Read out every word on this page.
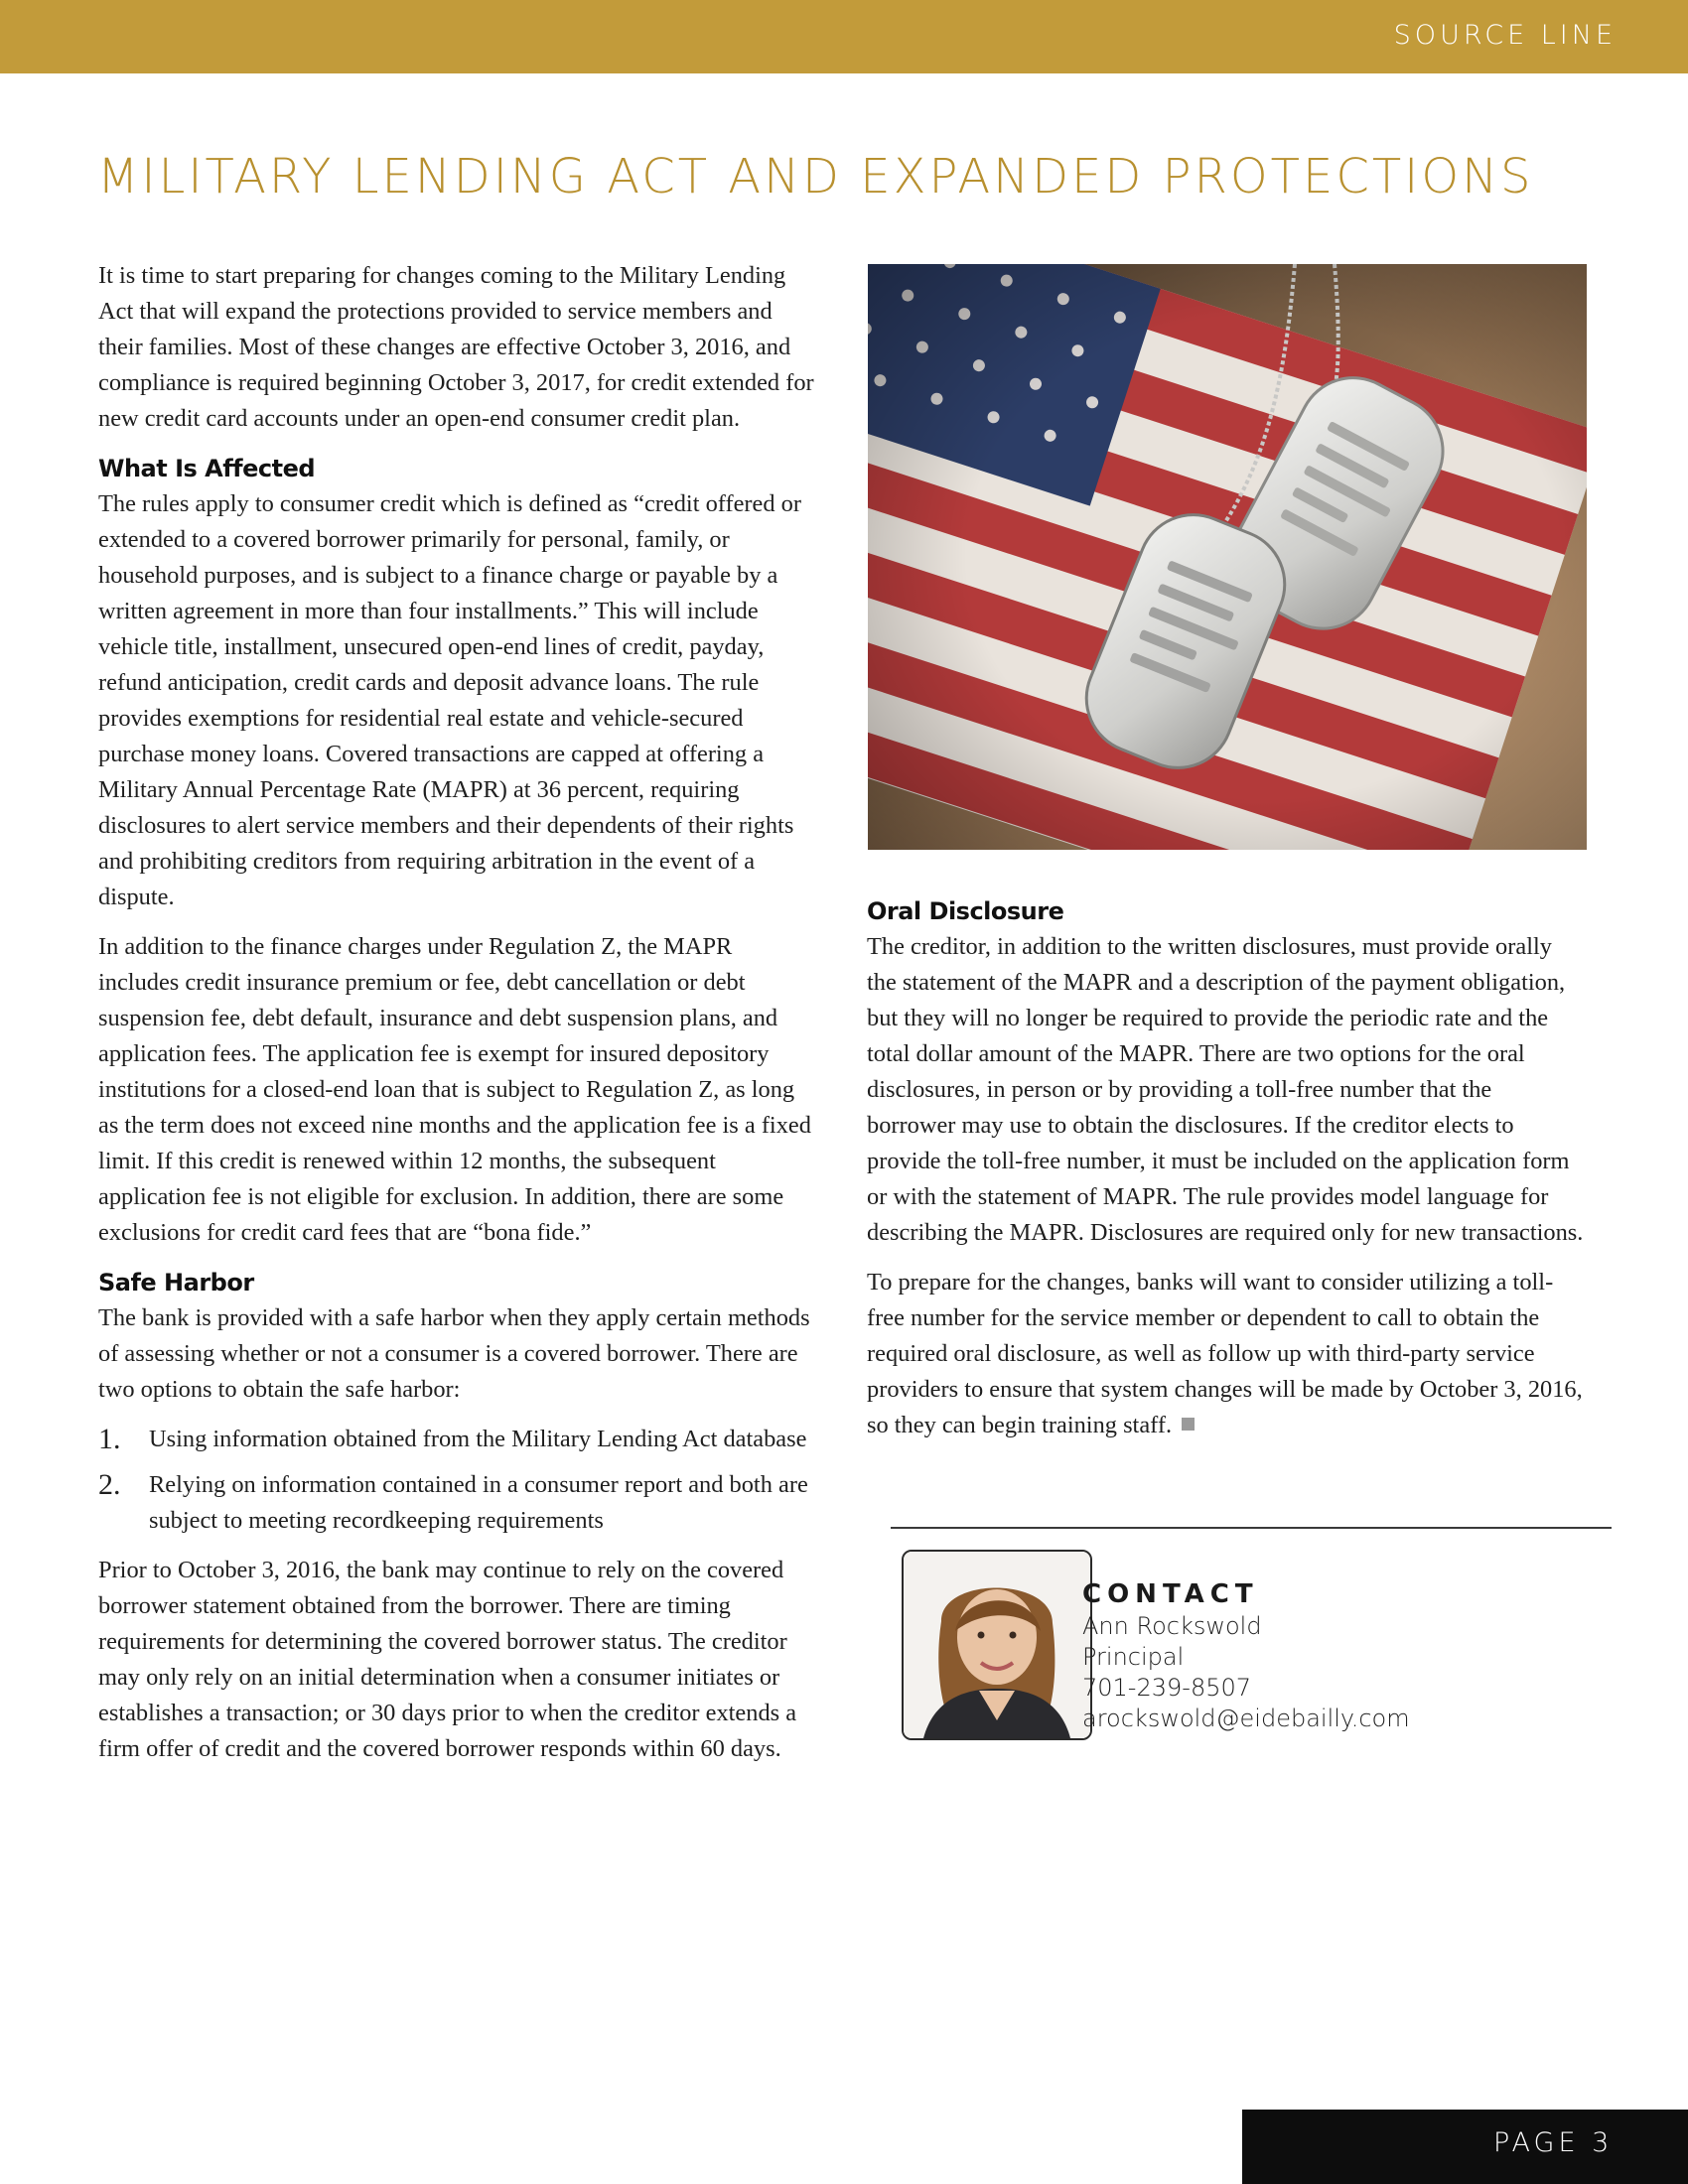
SOURCE LINE
MILITARY LENDING ACT AND EXPANDED PROTECTIONS

It is time to start preparing for changes coming to the Military Lending Act that will expand the protections provided to service members and their families. Most of these changes are effective October 3, 2016, and compliance is required beginning October 3, 2017, for credit extended for new credit card accounts under an open-end consumer credit plan.

What Is Affected

The rules apply to consumer credit which is defined as “credit offered or extended to a covered borrower primarily for personal, family, or household purposes, and is subject to a finance charge or payable by a written agreement in more than four installments.” This will include vehicle title, installment, unsecured open-end lines of credit, payday, refund anticipation, credit cards and deposit advance loans. The rule provides exemptions for residential real estate and vehicle-secured purchase money loans. Covered transactions are capped at offering a Military Annual Percentage Rate (MAPR) at 36 percent, requiring disclosures to alert service members and their dependents of their rights and prohibiting creditors from requiring arbitration in the event of a dispute.

In addition to the finance charges under Regulation Z, the MAPR includes credit insurance premium or fee, debt cancellation or debt suspension fee, debt default, insurance and debt suspension plans, and application fees. The application fee is exempt for insured depository institutions for a closed-end loan that is subject to Regulation Z, as long as the term does not exceed nine months and the application fee is a fixed limit. If this credit is renewed within 12 months, the subsequent application fee is not eligible for exclusion. In addition, there are some exclusions for credit card fees that are “bona fide.”

Safe Harbor

The bank is provided with a safe harbor when they apply certain methods of assessing whether or not a consumer is a covered borrower. There are two options to obtain the safe harbor:

1. Using information obtained from the Military Lending Act database
2. Relying on information contained in a consumer report and both are subject to meeting recordkeeping requirements

Prior to October 3, 2016, the bank may continue to rely on the covered borrower statement obtained from the borrower. There are timing requirements for determining the covered borrower status. The creditor may only rely on an initial determination when a consumer initiates or establishes a transaction; or 30 days prior to when the creditor extends a firm offer of credit and the covered borrower responds within 60 days.

Oral Disclosure

The creditor, in addition to the written disclosures, must provide orally the statement of the MAPR and a description of the payment obligation, but they will no longer be required to provide the periodic rate and the total dollar amount of the MAPR. There are two options for the oral disclosures, in person or by providing a toll-free number that the borrower may use to obtain the disclosures. If the creditor elects to provide the toll-free number, it must be included on the application form or with the statement of MAPR. The rule provides model language for describing the MAPR. Disclosures are required only for new transactions.

To prepare for the changes, banks will want to consider utilizing a toll-free number for the service member or dependent to call to obtain the required oral disclosure, as well as follow up with third-party service providers to ensure that system changes will be made by October 3, 2016, so they can begin training staff.

CONTACT
Ann Rockswold
Principal
701-239-8507
arockswold@eidebailly.com
PAGE 3
